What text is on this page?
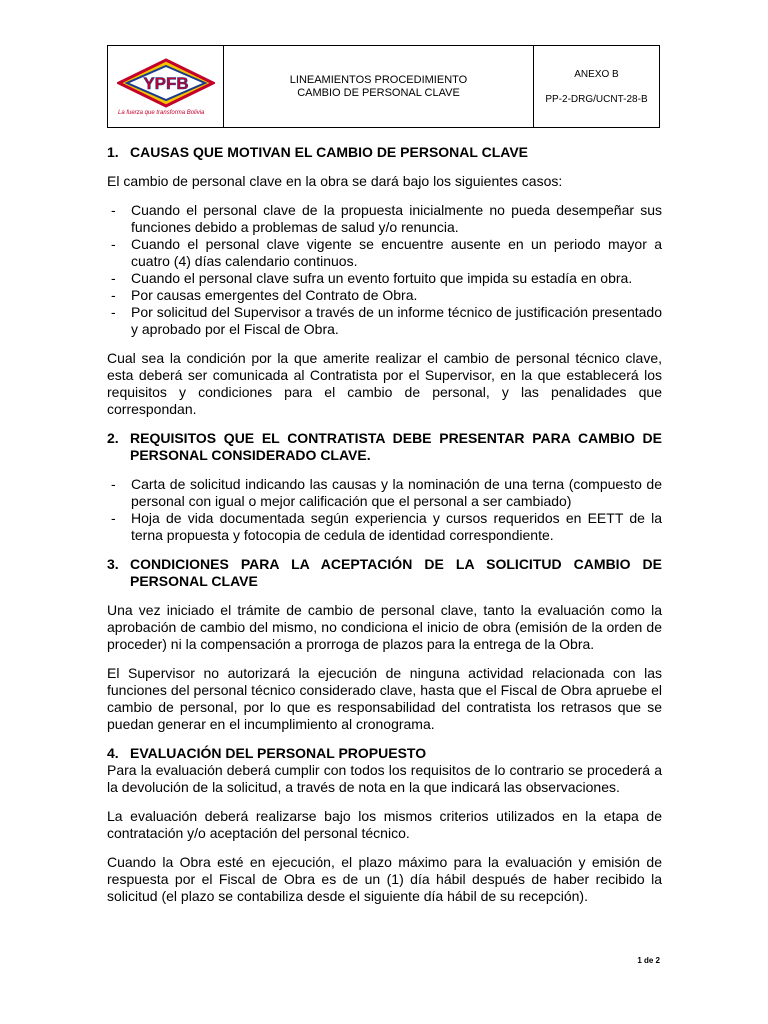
YPFB
La fuerza que transforma Bolivia
LINEAMIENTOS PROCEDIMIENTO
CAMBIO DE PERSONAL CLAVE
ANEXO B
PP-2-DRG/UCNT-28-B
1. CAUSAS QUE MOTIVAN EL CAMBIO DE PERSONAL CLAVE

El cambio de personal clave en la obra se dará bajo los siguientes casos:

-	Cuando el personal clave de la propuesta inicialmente no pueda desempeñar sus funciones debido a problemas de salud y/o renuncia.
-	Cuando el personal clave vigente se encuentre ausente en un periodo mayor a cuatro (4) días calendario continuos.
-	Cuando el personal clave sufra un evento fortuito que impida su estadía en obra.
-	Por causas emergentes del Contrato de Obra.
-	Por solicitud del Supervisor a través de un informe técnico de justificación presentado y aprobado por el Fiscal de Obra.

Cual sea la condición por la que amerite realizar el cambio de personal técnico clave, esta deberá ser comunicada al Contratista por el Supervisor, en la que establecerá los requisitos y condiciones para el cambio de personal, y las penalidades que correspondan.

2. REQUISITOS QUE EL CONTRATISTA DEBE PRESENTAR PARA CAMBIO DE PERSONAL CONSIDERADO CLAVE.
-	Carta de solicitud indicando las causas y la nominación de una terna (compuesto de personal con igual o mejor calificación que el personal a ser cambiado)
-	Hoja de vida documentada según experiencia y cursos requeridos en EETT de la terna propuesta y fotocopia de cedula de identidad correspondiente.
3. CONDICIONES PARA LA ACEPTACIÓN DE LA SOLICITUD CAMBIO DE PERSONAL CLAVE

Una vez iniciado el trámite de cambio de personal clave, tanto la evaluación como la aprobación de cambio del mismo, no condiciona el inicio de obra (emisión de la orden de proceder) ni la compensación a prorroga de plazos para la entrega de la Obra.

El Supervisor no autorizará la ejecución de ninguna actividad relacionada con las funciones del personal técnico considerado clave, hasta que el Fiscal de Obra apruebe el cambio de personal, por lo que es responsabilidad del contratista los retrasos que se puedan generar en el incumplimiento al cronograma.

4. EVALUACIÓN DEL PERSONAL PROPUESTO

Para la evaluación deberá cumplir con todos los requisitos de lo contrario se procederá a la devolución de la solicitud, a través de nota en la que indicará las observaciones.

La evaluación deberá realizarse bajo los mismos criterios utilizados en la etapa de contratación y/o aceptación del personal técnico.

Cuando la Obra esté en ejecución, el plazo máximo para la evaluación y emisión de respuesta por el Fiscal de Obra es de un (1) día hábil después de haber recibido la solicitud (el plazo se contabiliza desde el siguiente día hábil de su recepción).

1 de 2
